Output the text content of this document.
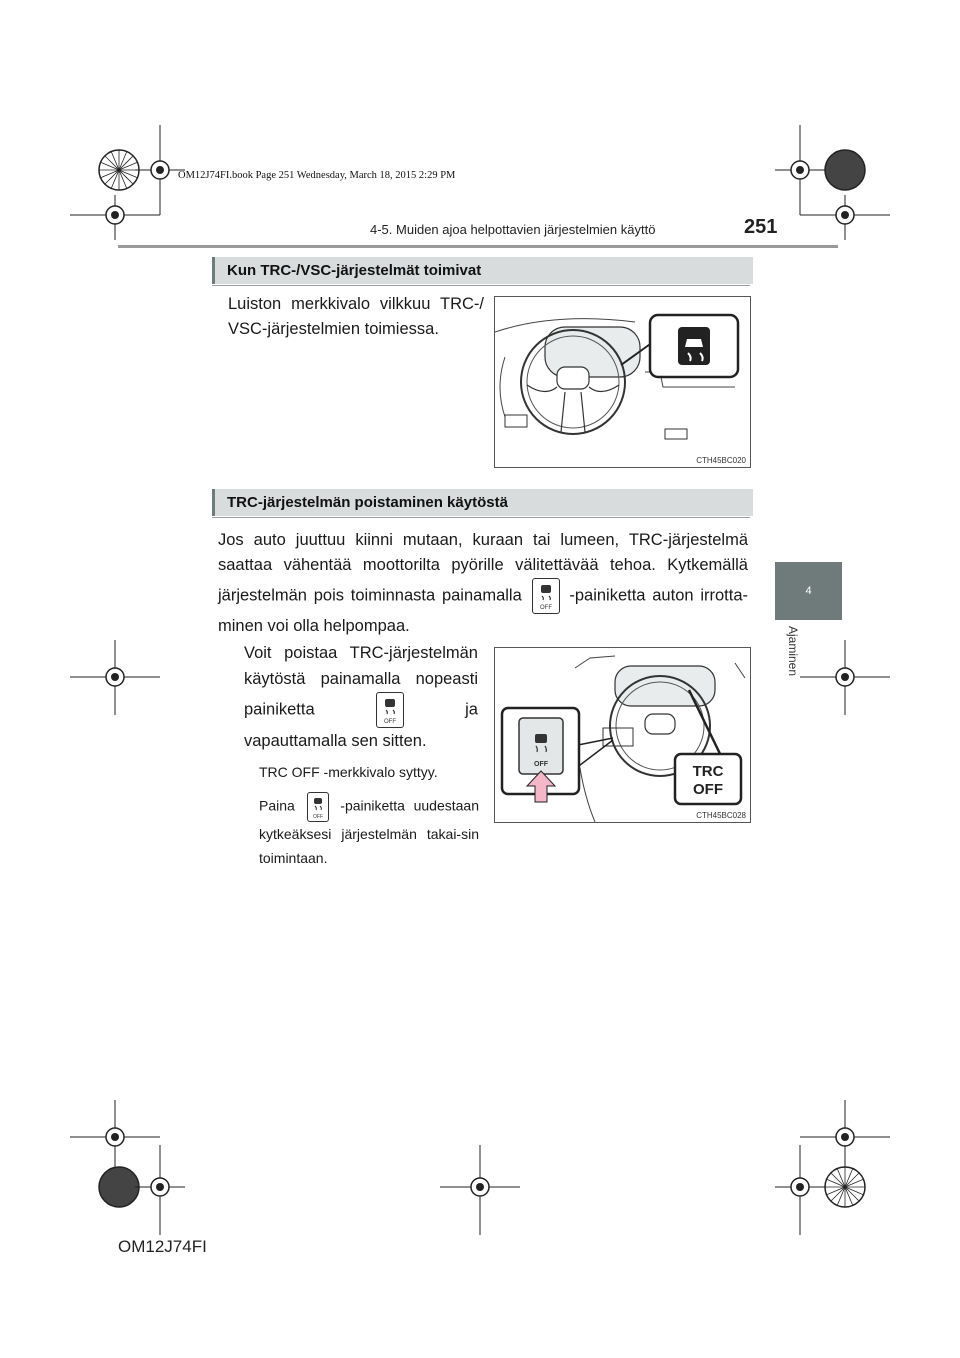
OM12J74FI.book Page 251 Wednesday, March 18, 2015 2:29 PM
4-5. Muiden ajoa helpottavien järjestelmien käyttö	251
4
Ajaminen
Kun TRC-/VSC-järjestelmät toimivat
Luiston merkkivalo vilkkuu TRC-/ VSC-järjestelmien toimiessa.
CTH45BC020
TRC-järjestelmän poistaminen käytöstä
Jos auto juuttuu kiinni mutaan, kuraan tai lumeen, TRC-järjestelmä saattaa vähentää moottorilta pyörille välitettävää tehoa. Kytkemällä järjestelmän pois toiminnasta painamalla
OFF
-painiketta auton irrotta-minen voi olla helpompaa.
Voit poistaa TRC-järjestelmän käytöstä painamalla nopeasti painiketta
OFF
ja vapauttamalla sen sitten.
TRC OFF -merkkivalo syttyy.
Paina
OFF
-painiketta uudestaan kytkeäksesi järjestelmän takai-sin toimintaan.
OFF	TRC
OFF
CTH45BC028
OM12J74FI
